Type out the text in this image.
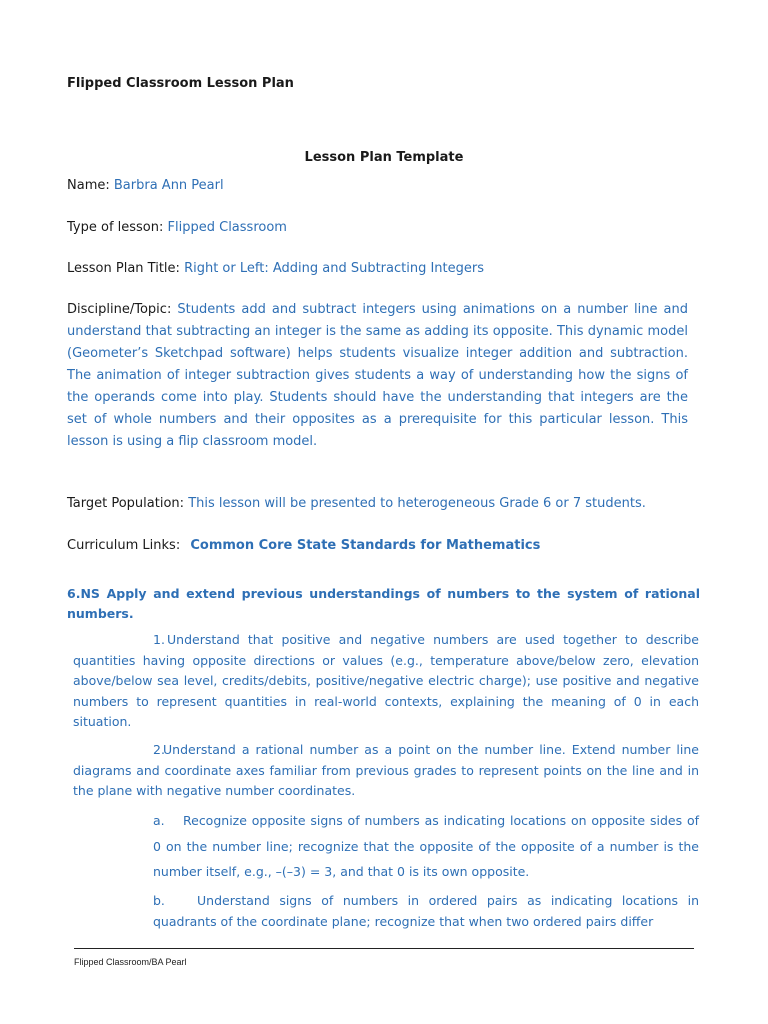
Flipped Classroom Lesson Plan
Lesson Plan Template
Name: Barbra Ann Pearl
Type of lesson: Flipped Classroom
Lesson Plan Title: Right or Left: Adding and Subtracting Integers
Discipline/Topic: Students add and subtract integers using animations on a number line and understand that subtracting an integer is the same as adding its opposite. This dynamic model (Geometer’s Sketchpad software) helps students visualize integer addition and subtraction. The animation of integer subtraction gives students a way of understanding how the signs of the operands come into play. Students should have the understanding that integers are the set of whole numbers and their opposites as a prerequisite for this particular lesson. This lesson is using a flip classroom model.
Target Population: This lesson will be presented to heterogeneous Grade 6 or 7 students.
Curriculum Links: Common Core State Standards for Mathematics
6.NS Apply and extend previous understandings of numbers to the system of rational numbers.
1. Understand that positive and negative numbers are used together to describe quantities having opposite directions or values (e.g., temperature above/below zero, elevation above/below sea level, credits/debits, positive/negative electric charge); use positive and negative numbers to represent quantities in real-world contexts, explaining the meaning of 0 in each situation.
2.Understand a rational number as a point on the number line. Extend number line diagrams and coordinate axes familiar from previous grades to represent points on the line and in the plane with negative number coordinates.
a. Recognize opposite signs of numbers as indicating locations on opposite sides of 0 on the number line; recognize that the opposite of the opposite of a number is the number itself, e.g., –(–3) = 3, and that 0 is its own opposite.
b.	Understand signs of numbers in ordered pairs as indicating locations in quadrants of the coordinate plane; recognize that when two ordered pairs differ
Flipped Classroom/BA Pearl
